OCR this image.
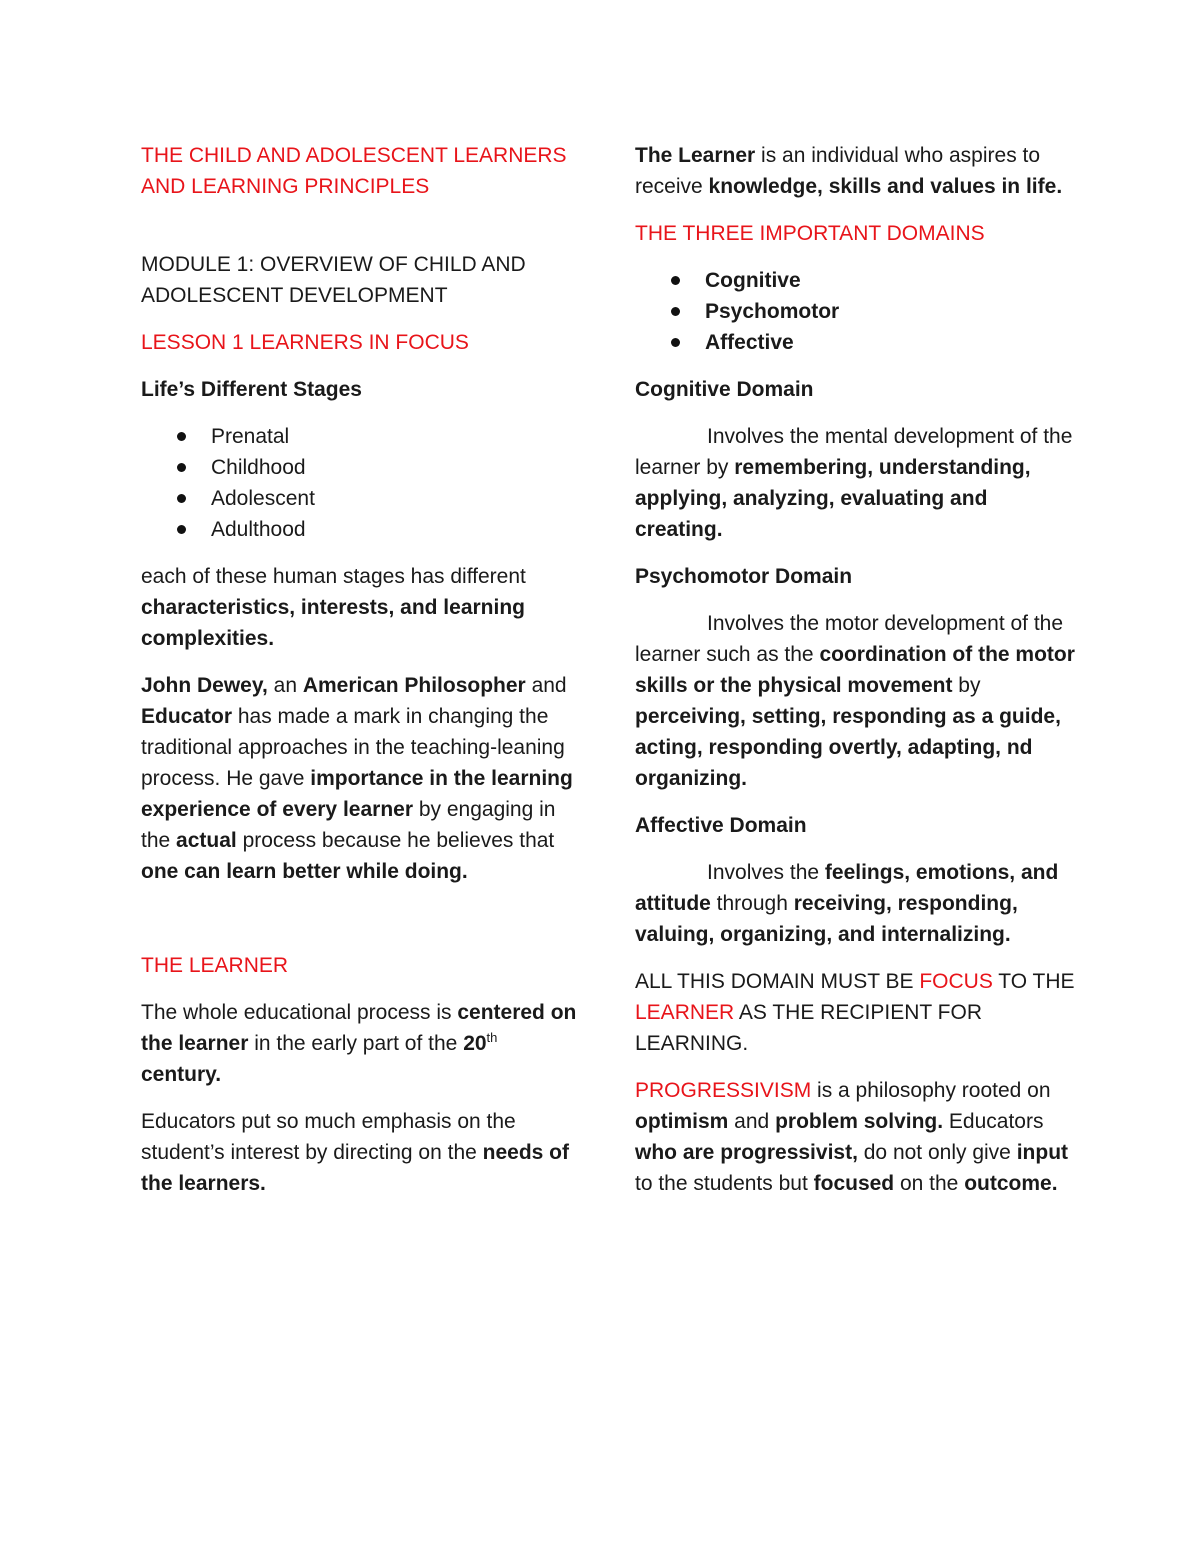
THE CHILD AND ADOLESCENT LEARNERS AND LEARNING PRINCIPLES

MODULE 1: OVERVIEW OF CHILD AND ADOLESCENT DEVELOPMENT

LESSON 1 LEARNERS IN FOCUS

Life’s Different Stages

Prenatal
Childhood
Adolescent
Adulthood

each of these human stages has different characteristics, interests, and learning complexities.

John Dewey, an American Philosopher and Educator has made a mark in changing the traditional approaches in the teaching-leaning process. He gave importance in the learning experience of every learner by engaging in the actual process because he believes that one can learn better while doing.

THE LEARNER

The whole educational process is centered on the learner in the early part of the 20th century.

Educators put so much emphasis on the student’s interest by directing on the needs of the learners.

The Learner is an individual who aspires to receive knowledge, skills and values in life.

THE THREE IMPORTANT DOMAINS

Cognitive
Psychomotor
Affective

Cognitive Domain

Involves the mental development of the learner by remembering, understanding, applying, analyzing, evaluating and creating.

Psychomotor Domain

Involves the motor development of the learner such as the coordination of the motor skills or the physical movement by perceiving, setting, responding as a guide, acting, responding overtly, adapting, nd organizing.

Affective Domain

Involves the feelings, emotions, and attitude through receiving, responding, valuing, organizing, and internalizing.

ALL THIS DOMAIN MUST BE FOCUS TO THE LEARNER AS THE RECIPIENT FOR LEARNING.

PROGRESSIVISM is a philosophy rooted on optimism and problem solving. Educators who are progressivist, do not only give input to the students but focused on the outcome.
